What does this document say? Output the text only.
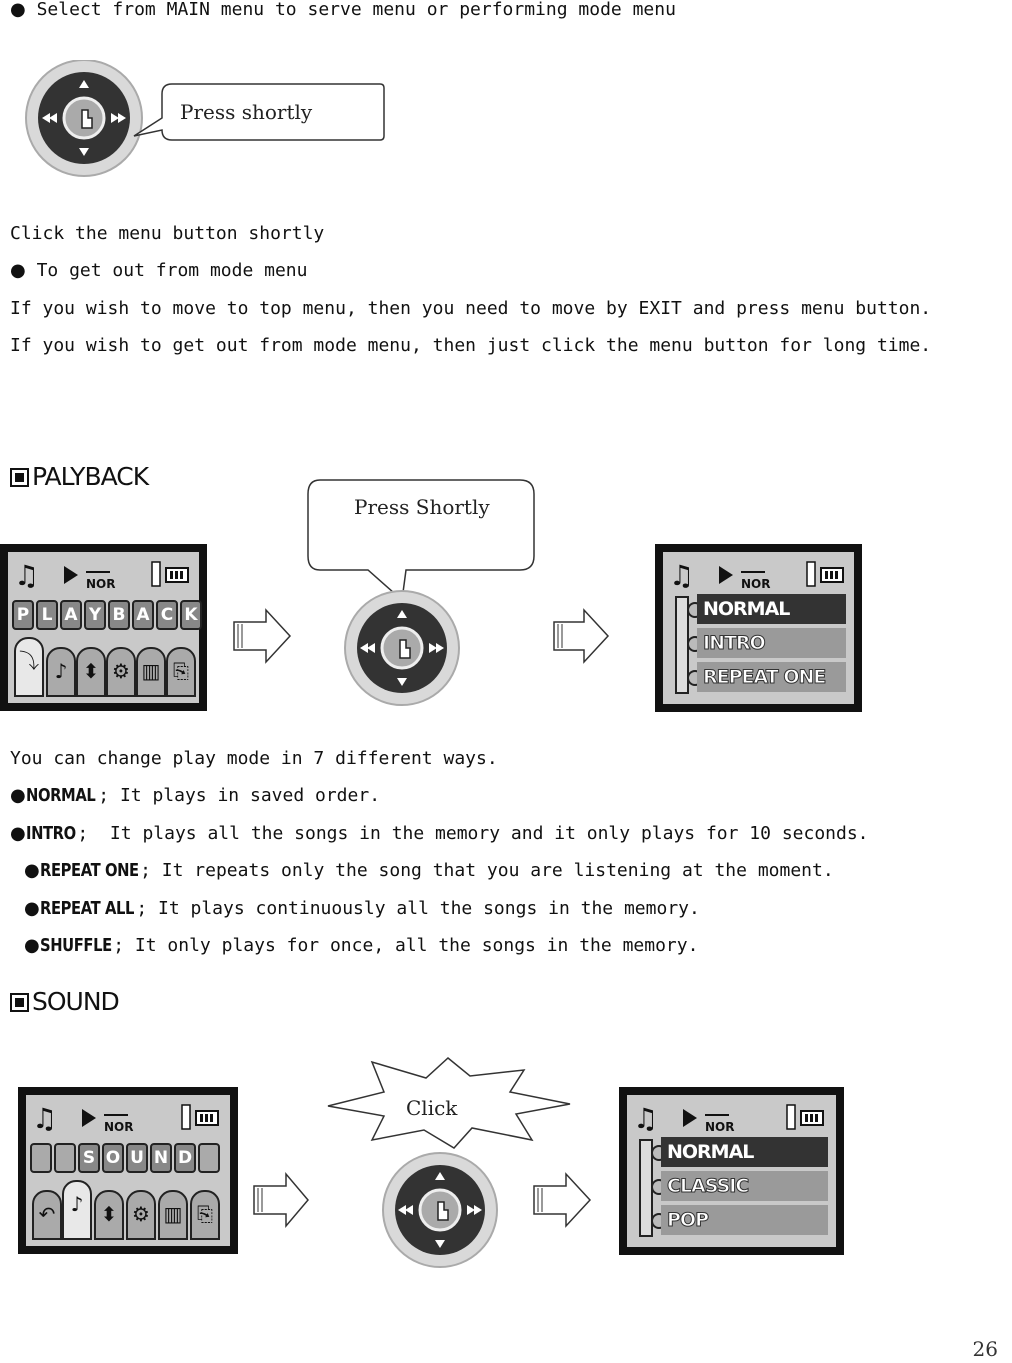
● Select from MAIN menu to serve menu or performing mode menu
Press shortly
Click the menu button shortly
● To get out from mode menu
If you wish to move to top menu, then you need to move by EXIT and press menu button.
If you wish to get out from mode menu, then just click the menu button for long time.
PALYBACK
♫	NOR
P L A Y B A C K
⤵ ♪ ⬍ ⚙ ▥ ⎘
Press Shortly
♫	NOR
NORMAL
INTRO
REPEAT ONE
You can change play mode in 7 different ways.
●NORMAL ; It plays in saved order.
●INTRO ;  It plays all the songs in the memory and it only plays for 10 seconds.
●REPEAT ONE; It repeats only the song that you are listening at the moment.
●REPEAT ALL ; It plays continuously all the songs in the memory.
●SHUFFLE; It only plays for once, all the songs in the memory.
SOUND
♫	NOR
S O U N D
↶ ♪ ⬍ ⚙ ▥ ⎘
Click	♫	NOR
NORMAL
CLASSIC
POP
26
